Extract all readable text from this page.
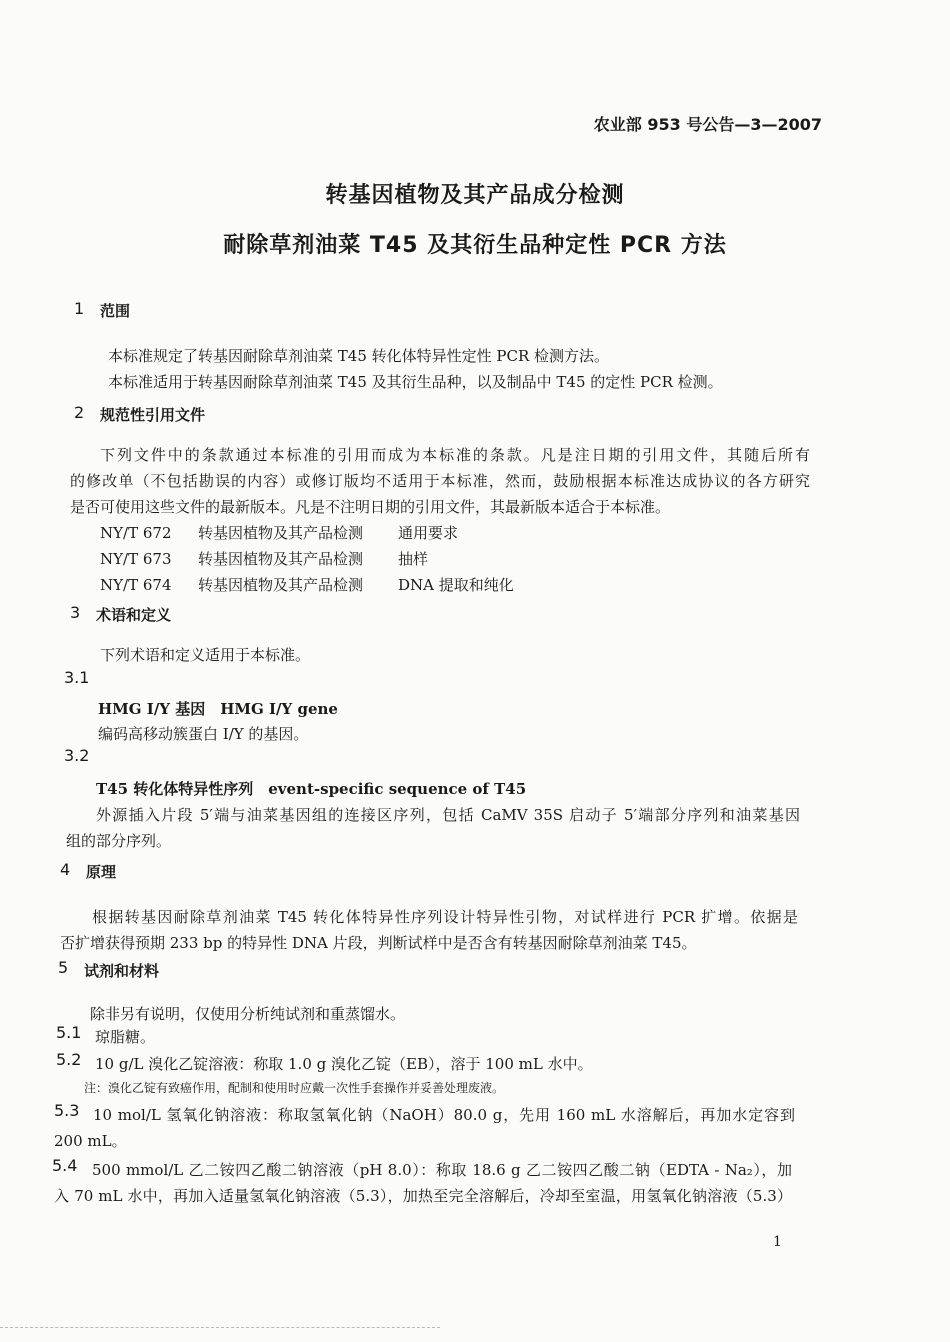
农业部 953 号公告—3—2007
转基因植物及其产品成分检测
耐除草剂油菜 T45 及其衍生品种定性 PCR 方法
1 范围
本标准规定了转基因耐除草剂油菜 T45 转化体特异性定性 PCR 检测方法。
本标准适用于转基因耐除草剂油菜 T45 及其衍生品种，以及制品中 T45 的定性 PCR 检测。
2 规范性引用文件
下列文件中的条款通过本标准的引用而成为本标准的条款。凡是注日期的引用文件，其随后所有
的修改单（不包括勘误的内容）或修订版均不适用于本标准，然而，鼓励根据本标准达成协议的各方研究
是否可使用这些文件的最新版本。凡是不注明日期的引用文件，其最新版本适合于本标准。
NY/T 672 转基因植物及其产品检测 通用要求
NY/T 673 转基因植物及其产品检测 抽样
NY/T 674 转基因植物及其产品检测 DNA 提取和纯化
3 术语和定义
下列术语和定义适用于本标准。
3.1
HMG I/Y 基因　HMG I/Y gene
编码高移动簇蛋白 I/Y 的基因。
3.2
T45 转化体特异性序列　event-specific sequence of T45
外源插入片段 5′端与油菜基因组的连接区序列，包括 CaMV 35S 启动子 5′端部分序列和油菜基因
组的部分序列。
4 原理
根据转基因耐除草剂油菜 T45 转化体特异性序列设计特异性引物，对试样进行 PCR 扩增。依据是
否扩增获得预期 233 bp 的特异性 DNA 片段，判断试样中是否含有转基因耐除草剂油菜 T45。
5 试剂和材料
除非另有说明，仅使用分析纯试剂和重蒸馏水。
5.1 琼脂糖。
5.2 10 g/L 溴化乙锭溶液：称取 1.0 g 溴化乙锭（EB），溶于 100 mL 水中。
注：溴化乙锭有致癌作用，配制和使用时应戴一次性手套操作并妥善处理废液。
5.3 10 mol/L 氢氧化钠溶液：称取氢氧化钠（NaOH）80.0 g，先用 160 mL 水溶解后，再加水定容到
200 mL。
5.4 500 mmol/L 乙二铵四乙酸二钠溶液（pH 8.0）：称取 18.6 g 乙二铵四乙酸二钠（EDTA - Na₂），加
入 70 mL 水中，再加入适量氢氧化钠溶液（5.3），加热至完全溶解后，冷却至室温，用氢氧化钠溶液（5.3）
1
